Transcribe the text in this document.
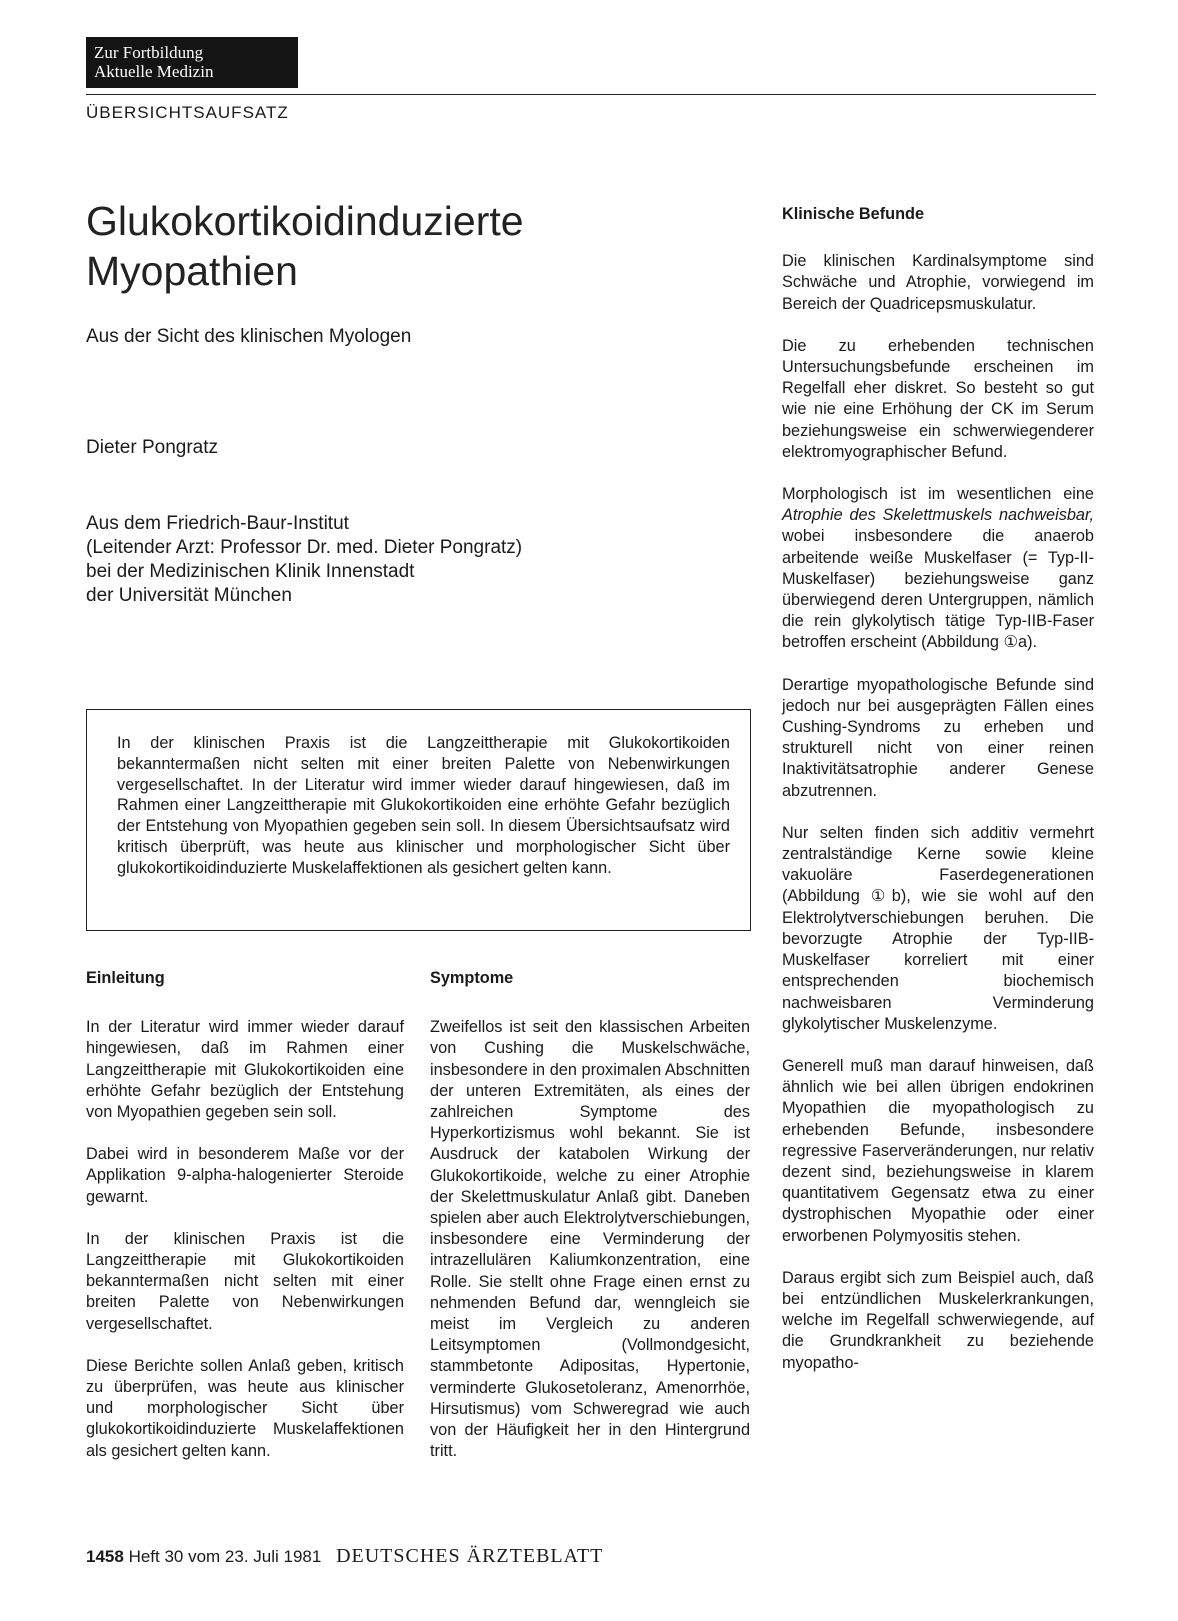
Zur Fortbildung
Aktuelle Medizin
ÜBERSICHTSAUFSATZ
Glukokortikoidinduzierte
Myopathien
Aus der Sicht des klinischen Myologen
Dieter Pongratz
Aus dem Friedrich-Baur-Institut
(Leitender Arzt: Professor Dr. med. Dieter Pongratz)
bei der Medizinischen Klinik Innenstadt
der Universität München
In der klinischen Praxis ist die Langzeittherapie mit Glukokortikoiden bekanntermaßen nicht selten mit einer breiten Palette von Nebenwirkungen vergesellschaftet. In der Literatur wird immer wieder darauf hingewiesen, daß im Rahmen einer Langzeittherapie mit Glukokortikoiden eine erhöhte Gefahr bezüglich der Entstehung von Myopathien gegeben sein soll. In diesem Übersichtsaufsatz wird kritisch überprüft, was heute aus klinischer und morphologischer Sicht über glukokortikoidinduzierte Muskelaffektionen als gesichert gelten kann.
Einleitung

In der Literatur wird immer wieder darauf hingewiesen, daß im Rahmen einer Langzeittherapie mit Glukokortikoiden eine erhöhte Gefahr bezüglich der Entstehung von Myopathien gegeben sein soll.

Dabei wird in besonderem Maße vor der Applikation 9-alpha-halogenierter Steroide gewarnt.

In der klinischen Praxis ist die Langzeittherapie mit Glukokortikoiden bekanntermaßen nicht selten mit einer breiten Palette von Nebenwirkungen vergesellschaftet.

Diese Berichte sollen Anlaß geben, kritisch zu überprüfen, was heute aus klinischer und morphologischer Sicht über glukokortikoidinduzierte Muskelaffektionen als gesichert gelten kann.

Symptome

Zweifellos ist seit den klassischen Arbeiten von Cushing die Muskelschwäche, insbesondere in den proximalen Abschnitten der unteren Extremitäten, als eines der zahlreichen Symptome des Hyperkortizismus wohl bekannt. Sie ist Ausdruck der katabolen Wirkung der Glukokortikoide, welche zu einer Atrophie der Skelettmuskulatur Anlaß gibt. Daneben spielen aber auch Elektrolytverschiebungen, insbesondere eine Verminderung der intrazellulären Kaliumkonzentration, eine Rolle. Sie stellt ohne Frage einen ernst zu nehmenden Befund dar, wenngleich sie meist im Vergleich zu anderen Leitsymptomen (Vollmondgesicht, stammbetonte Adipositas, Hypertonie, verminderte Glukosetoleranz, Amenorrhöe, Hirsutismus) vom Schweregrad wie auch von der Häufigkeit her in den Hintergrund tritt.

Klinische Befunde

Die klinischen Kardinalsymptome sind Schwäche und Atrophie, vorwiegend im Bereich der Quadricepsmuskulatur.

Die zu erhebenden technischen Untersuchungsbefunde erscheinen im Regelfall eher diskret. So besteht so gut wie nie eine Erhöhung der CK im Serum beziehungsweise ein schwerwiegenderer elektromyographischer Befund.

Morphologisch ist im wesentlichen eine Atrophie des Skelettmuskels nachweisbar, wobei insbesondere die anaerob arbeitende weiße Muskelfaser (= Typ-II-Muskelfaser) beziehungsweise ganz überwiegend deren Untergruppen, nämlich die rein glykolytisch tätige Typ-IIB-Faser betroffen erscheint (Abbildung ①a).

Derartige myopathologische Befunde sind jedoch nur bei ausgeprägten Fällen eines Cushing-Syndroms zu erheben und strukturell nicht von einer reinen Inaktivitätsatrophie anderer Genese abzutrennen.

Nur selten finden sich additiv vermehrt zentralständige Kerne sowie kleine vakuoläre Faserdegenerationen (Abbildung ①b), wie sie wohl auf den Elektrolytverschiebungen beruhen. Die bevorzugte Atrophie der Typ-IIB-Muskelfaser korreliert mit einer entsprechenden biochemisch nachweisbaren Verminderung glykolytischer Muskelenzyme.

Generell muß man darauf hinweisen, daß ähnlich wie bei allen übrigen endokrinen Myopathien die myopathologisch zu erhebenden Befunde, insbesondere regressive Faserveränderungen, nur relativ dezent sind, beziehungsweise in klarem quantitativem Gegensatz etwa zu einer dystrophischen Myopathie oder einer erworbenen Polymyositis stehen.

Daraus ergibt sich zum Beispiel auch, daß bei entzündlichen Muskelerkrankungen, welche im Regelfall schwerwiegende, auf die Grundkrankheit zu beziehende myopatho-

1458 Heft 30 vom 23. Juli 1981 DEUTSCHES ÄRZTEBLATT
